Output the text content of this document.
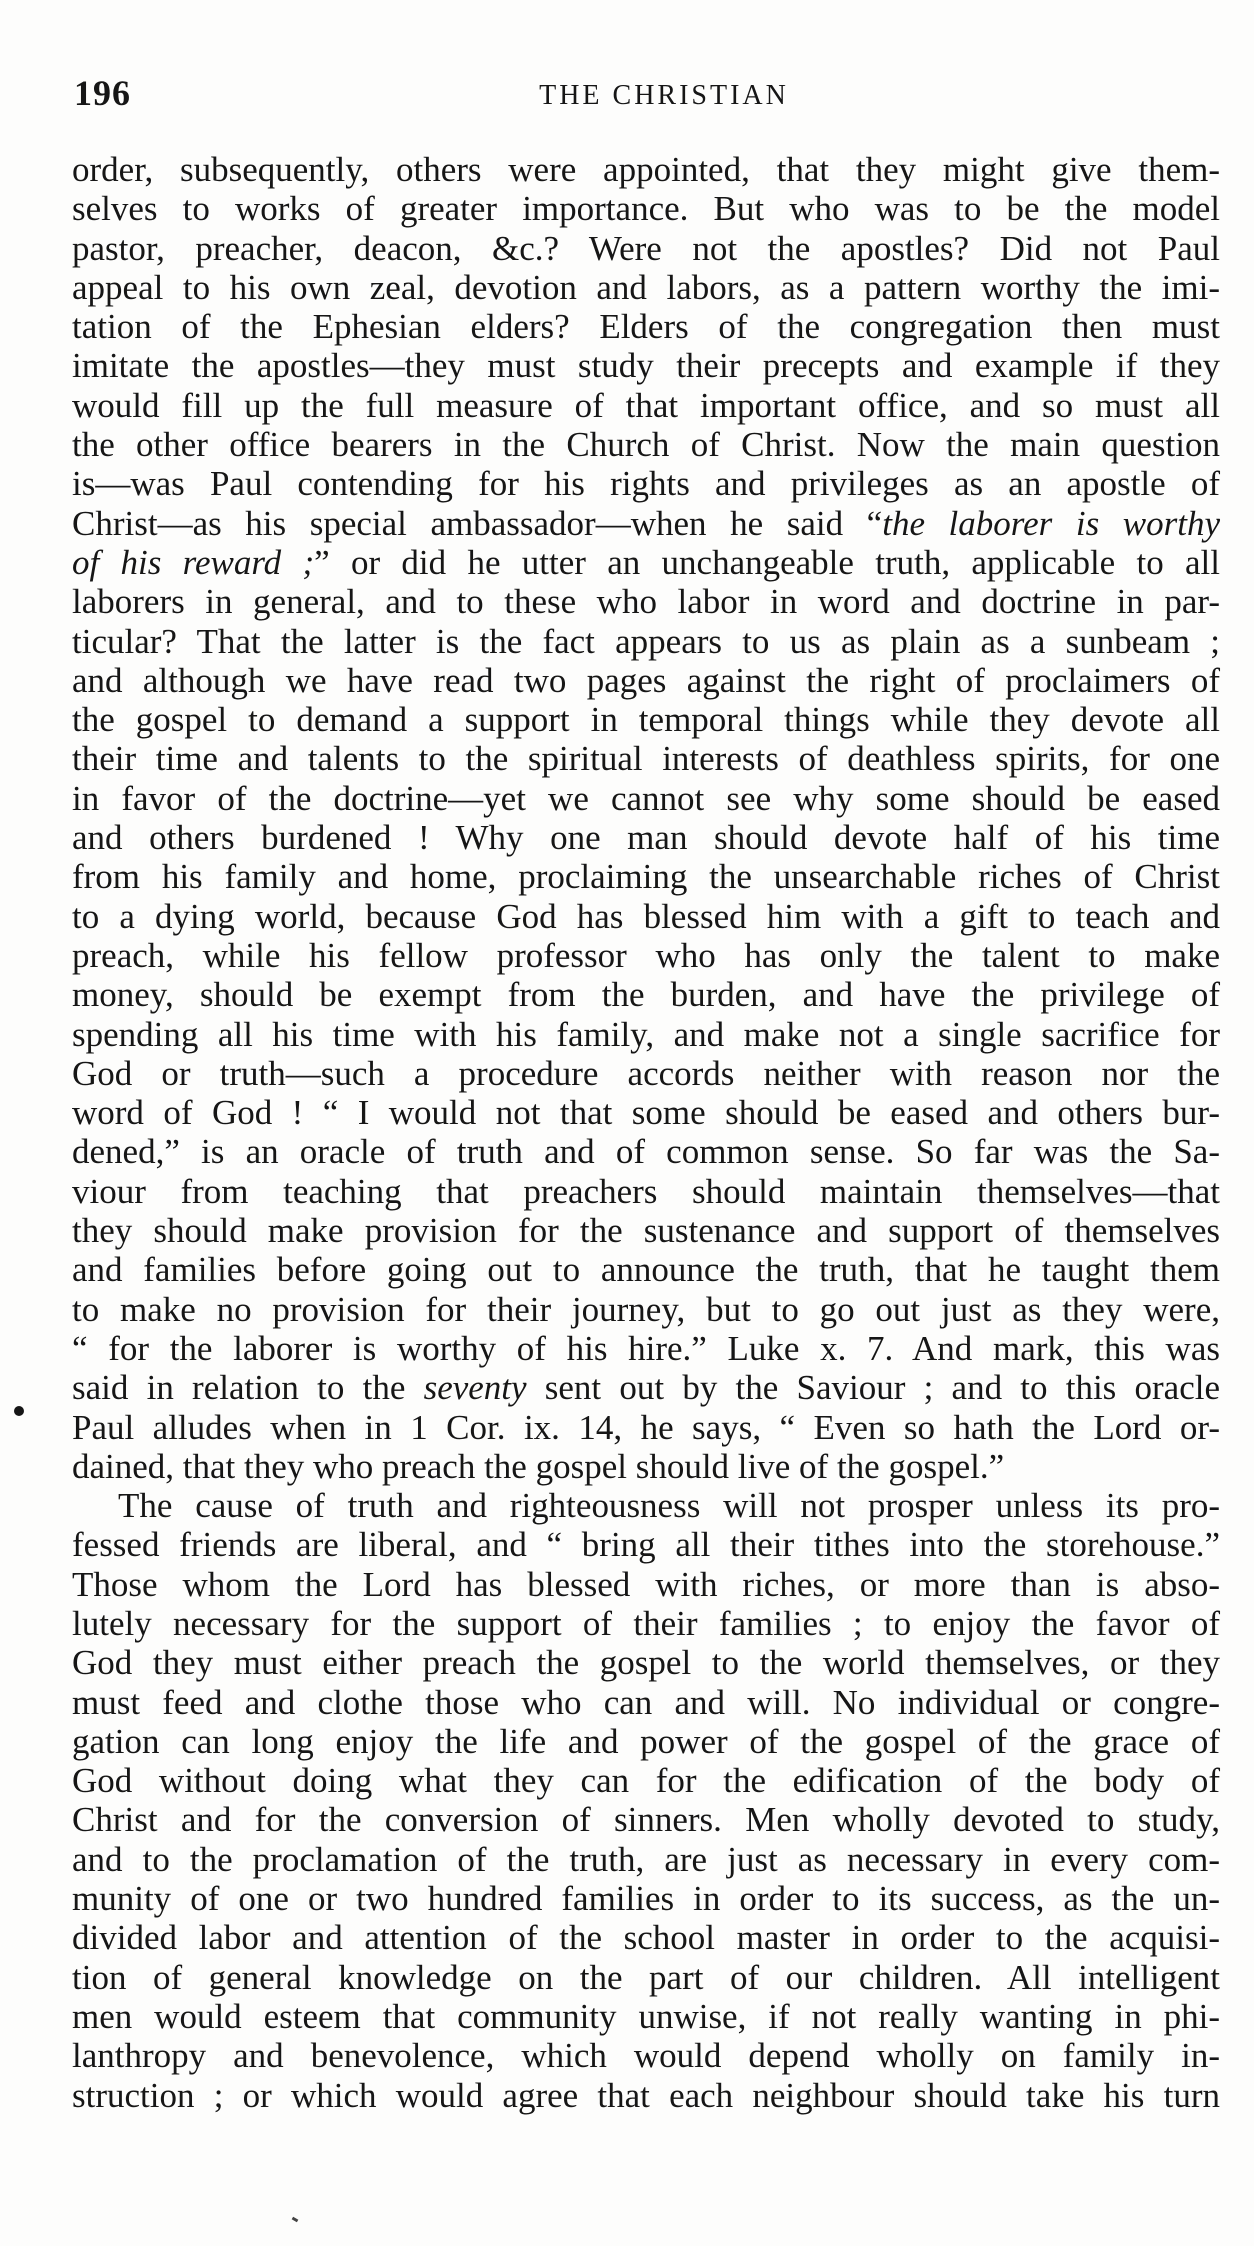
196	THE CHRISTIAN
order, subsequently, others were appointed, that they might give them-
selves to works of greater importance. But who was to be the model
pastor, preacher, deacon, &c.? Were not the apostles? Did not Paul
appeal to his own zeal, devotion and labors, as a pattern worthy the imi-
tation of the Ephesian elders? Elders of the congregation then must
imitate the apostles—they must study their precepts and example if they
would fill up the full measure of that important office, and so must all
the other office bearers in the Church of Christ. Now the main question
is—was Paul contending for his rights and privileges as an apostle of
Christ—as his special ambassador—when he said “the laborer is worthy
of his reward ;” or did he utter an unchangeable truth, applicable to all
laborers in general, and to these who labor in word and doctrine in par-
ticular? That the latter is the fact appears to us as plain as a sunbeam ;
and although we have read two pages against the right of proclaimers of
the gospel to demand a support in temporal things while they devote all
their time and talents to the spiritual interests of deathless spirits, for one
in favor of the doctrine—yet we cannot see why some should be eased
and others burdened ! Why one man should devote half of his time
from his family and home, proclaiming the unsearchable riches of Christ
to a dying world, because God has blessed him with a gift to teach and
preach, while his fellow professor who has only the talent to make
money, should be exempt from the burden, and have the privilege of
spending all his time with his family, and make not a single sacrifice for
God or truth—such a procedure accords neither with reason nor the
word of God ! “ I would not that some should be eased and others bur-
dened,” is an oracle of truth and of common sense. So far was the Sa-
viour from teaching that preachers should maintain themselves—that
they should make provision for the sustenance and support of themselves
and families before going out to announce the truth, that he taught them
to make no provision for their journey, but to go out just as they were,
“ for the laborer is worthy of his hire.” Luke x. 7. And mark, this was
said in relation to the seventy sent out by the Saviour ; and to this oracle
Paul alludes when in 1 Cor. ix. 14, he says, “ Even so hath the Lord or-
dained, that they who preach the gospel should live of the gospel.”
The cause of truth and righteousness will not prosper unless its pro-
fessed friends are liberal, and “ bring all their tithes into the storehouse.”
Those whom the Lord has blessed with riches, or more than is abso-
lutely necessary for the support of their families ; to enjoy the favor of
God they must either preach the gospel to the world themselves, or they
must feed and clothe those who can and will. No individual or congre-
gation can long enjoy the life and power of the gospel of the grace of
God without doing what they can for the edification of the body of
Christ and for the conversion of sinners. Men wholly devoted to study,
and to the proclamation of the truth, are just as necessary in every com-
munity of one or two hundred families in order to its success, as the un-
divided labor and attention of the school master in order to the acquisi-
tion of general knowledge on the part of our children. All intelligent
men would esteem that community unwise, if not really wanting in phi-
lanthropy and benevolence, which would depend wholly on family in-
struction ; or which would agree that each neighbour should take his turn
